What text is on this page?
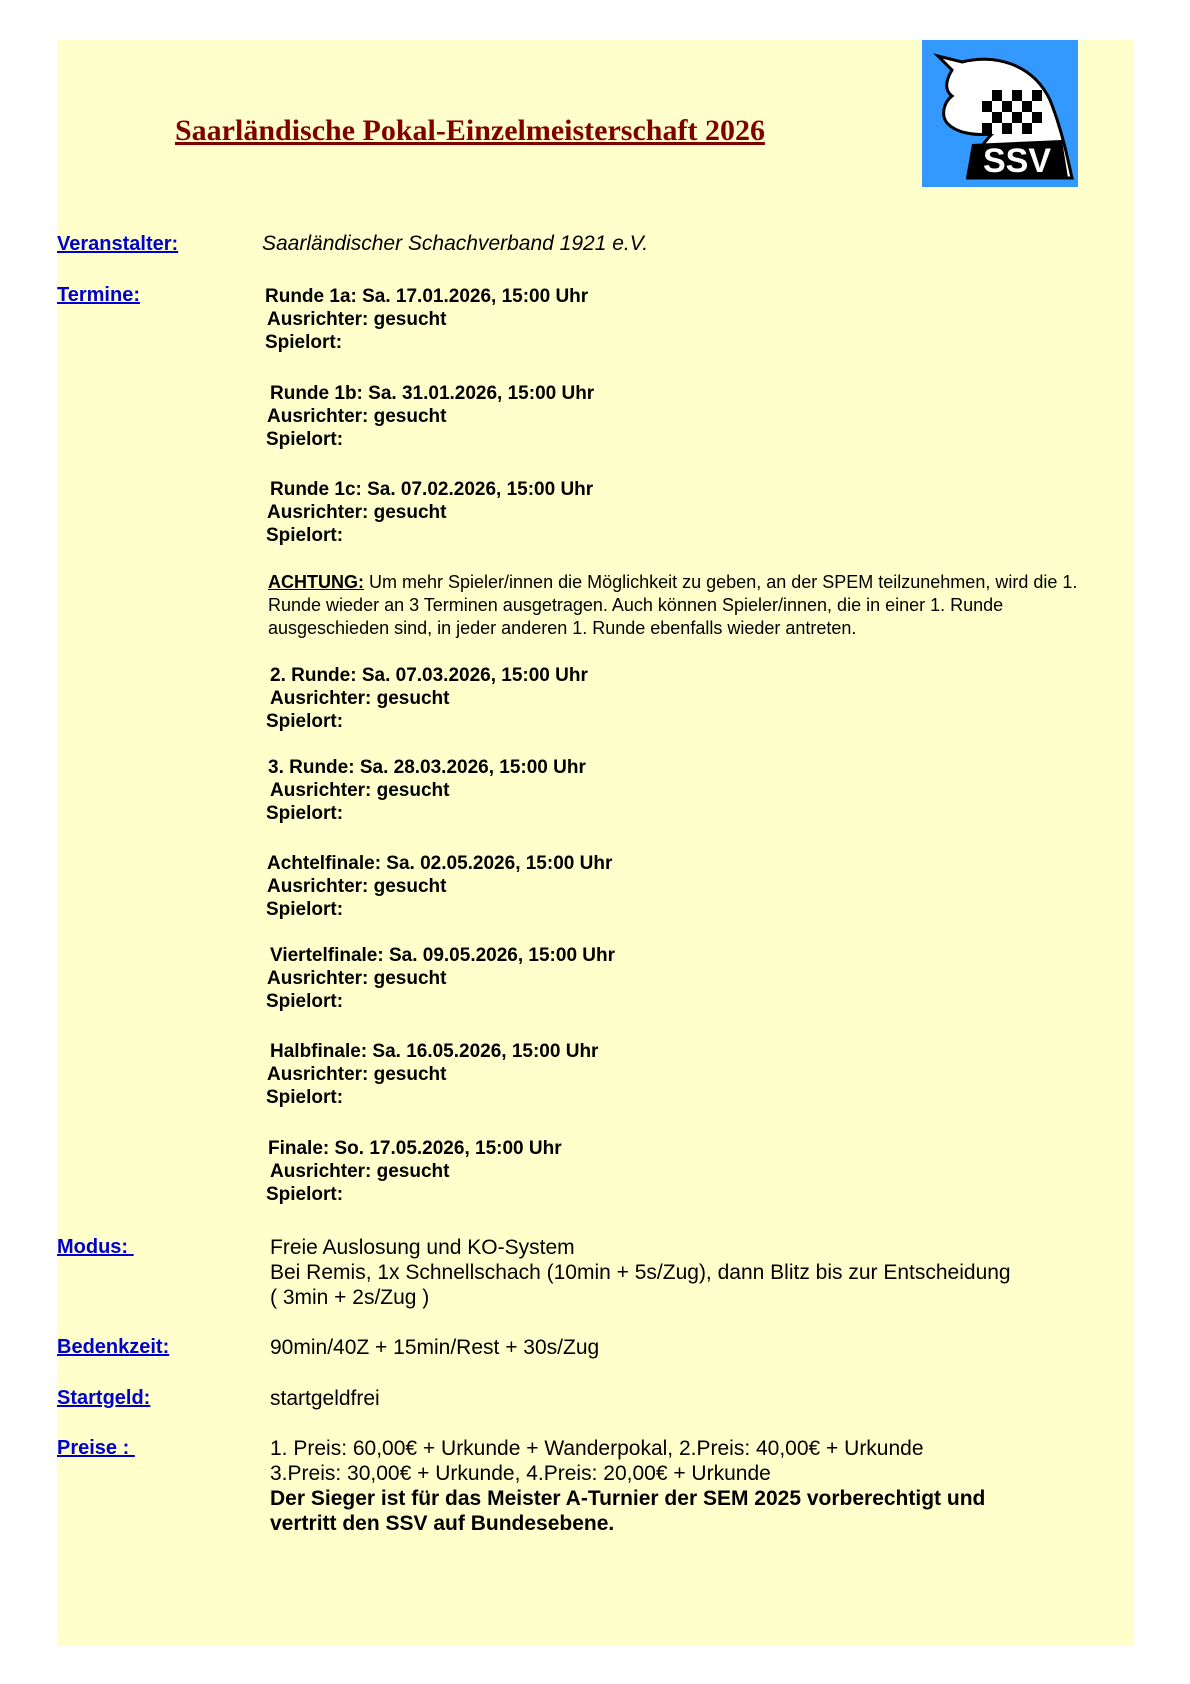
Saarländische Pokal-Einzelmeisterschaft 2026
SSV
Veranstalter:	Saarländischer Schachverband 1921 e.V.
Termine:	Runde 1a: Sa. 17.01.2026, 15:00 Uhr
Ausrichter: gesucht
Spielort:
Runde 1b: Sa. 31.01.2026, 15:00 Uhr
Ausrichter: gesucht
Spielort:
Runde 1c: Sa. 07.02.2026, 15:00 Uhr
Ausrichter: gesucht
Spielort:
ACHTUNG: Um mehr Spieler/innen die Möglichkeit zu geben, an der SPEM teilzunehmen, wird die 1. Runde wieder an 3 Terminen ausgetragen. Auch können Spieler/innen, die in einer 1. Runde ausgeschieden sind, in jeder anderen 1. Runde ebenfalls wieder antreten.
2. Runde: Sa. 07.03.2026, 15:00 Uhr
Ausrichter: gesucht
Spielort:
3. Runde: Sa. 28.03.2026, 15:00 Uhr
Ausrichter: gesucht
Spielort:
Achtelfinale: Sa. 02.05.2026, 15:00 Uhr
Ausrichter: gesucht
Spielort:
Viertelfinale: Sa. 09.05.2026, 15:00 Uhr
Ausrichter: gesucht
Spielort:
Halbfinale: Sa. 16.05.2026, 15:00 Uhr
Ausrichter: gesucht
Spielort:
Finale: So. 17.05.2026, 15:00 Uhr
Ausrichter: gesucht
Spielort:
Modus:	Freie Auslosung und KO-System
Bei Remis, 1x Schnellschach (10min + 5s/Zug), dann Blitz bis zur Entscheidung
( 3min + 2s/Zug )
Bedenkzeit:	90min/40Z + 15min/Rest + 30s/Zug
Startgeld:	startgeldfrei
Preise :	1. Preis: 60,00€ + Urkunde + Wanderpokal, 2.Preis: 40,00€ + Urkunde
3.Preis: 30,00€ + Urkunde, 4.Preis: 20,00€ + Urkunde
Der Sieger ist für das Meister A-Turnier der SEM 2025 vorberechtigt und
vertritt den SSV auf Bundesebene.
